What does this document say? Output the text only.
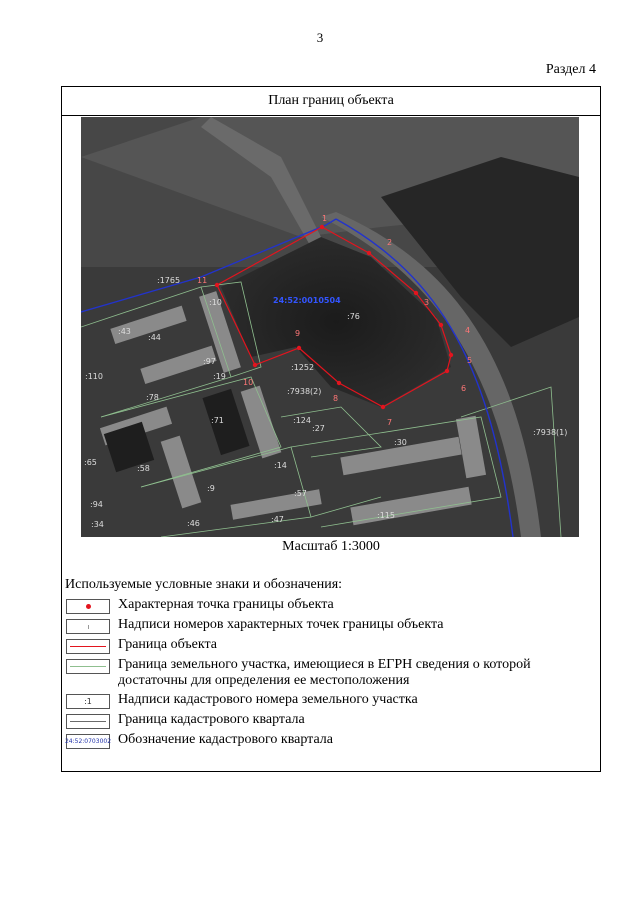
3
Раздел 4
План границ объекта
1
2
3
4
5
6
7
8
9
10
11
:1765
:10
:76
:43
:44
:97
:1252
:110
:78
:19
:7938(2)
:71	:124
:27
:30
:7938(1)
:65
:58	:14
:9
:57
:94
:34	:46	:47	:115
24:52:0010504
Масштаб 1:3000
Используемые условные знаки и обозначения:
Характерная точка границы объекта
Надписи номеров характерных точек границы объекта
Граница объекта
Граница земельного участка, имеющиеся в ЕГРН сведения о которой достаточны для определения ее местоположения
:1 Надписи кадастрового номера земельного участка
Граница кадастрового квартала
24:52:0703002 Обозначение кадастрового квартала
